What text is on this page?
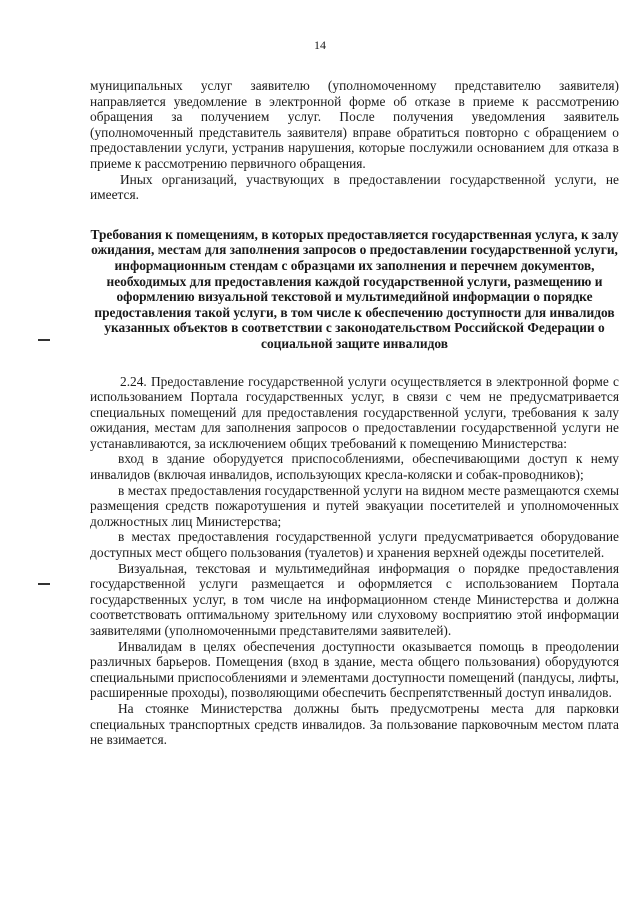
14

муниципальных услуг заявителю (уполномоченному представителю заявителя) направляется уведомление в электронной форме об отказе в приеме к рассмотрению обращения за получением услуг. После получения уведомления заявитель (уполномоченный представитель заявителя) вправе обратиться повторно с обращением о предоставлении услуги, устранив нарушения, которые послужили основанием для отказа в приеме к рассмотрению первичного обращения.

Иных организаций, участвующих в предоставлении государственной услуги, не имеется.

Требования к помещениям, в которых предоставляется государственная услуга, к залу ожидания, местам для заполнения запросов о предоставлении государственной услуги, информационным стендам с образцами их заполнения и перечнем документов, необходимых для предоставления каждой государственной услуги, размещению и оформлению визуальной текстовой и мультимедийной информации о порядке предоставления такой услуги, в том числе к обеспечению доступности для инвалидов указанных объектов в соответствии с законодательством Российской Федерации о социальной защите инвалидов

2.24. Предоставление государственной услуги осуществляется в электронной форме с использованием Портала государственных услуг, в связи с чем не предусматривается специальных помещений для предоставления государственной услуги, требования к залу ожидания, местам для заполнения запросов о предоставлении государственной услуги не устанавливаются, за исключением общих требований к помещению Министерства:

вход в здание оборудуется приспособлениями, обеспечивающими доступ к нему инвалидов (включая инвалидов, использующих кресла-коляски и собак-проводников);

в местах предоставления государственной услуги на видном месте размещаются схемы размещения средств пожаротушения и путей эвакуации посетителей и уполномоченных должностных лиц Министерства;

в местах предоставления государственной услуги предусматривается оборудование доступных мест общего пользования (туалетов) и хранения верхней одежды посетителей.

Визуальная, текстовая и мультимедийная информация о порядке предоставления государственной услуги размещается и оформляется с использованием Портала государственных услуг, в том числе на информационном стенде Министерства и должна соответствовать оптимальному зрительному или слуховому восприятию этой информации заявителями (уполномоченными представителями заявителей).

Инвалидам в целях обеспечения доступности оказывается помощь в преодолении различных барьеров. Помещения (вход в здание, места общего пользования) оборудуются специальными приспособлениями и элементами доступности помещений (пандусы, лифты, расширенные проходы), позволяющими обеспечить беспрепятственный доступ инвалидов.

На стоянке Министерства должны быть предусмотрены места для парковки специальных транспортных средств инвалидов. За пользование парковочным местом плата не взимается.
